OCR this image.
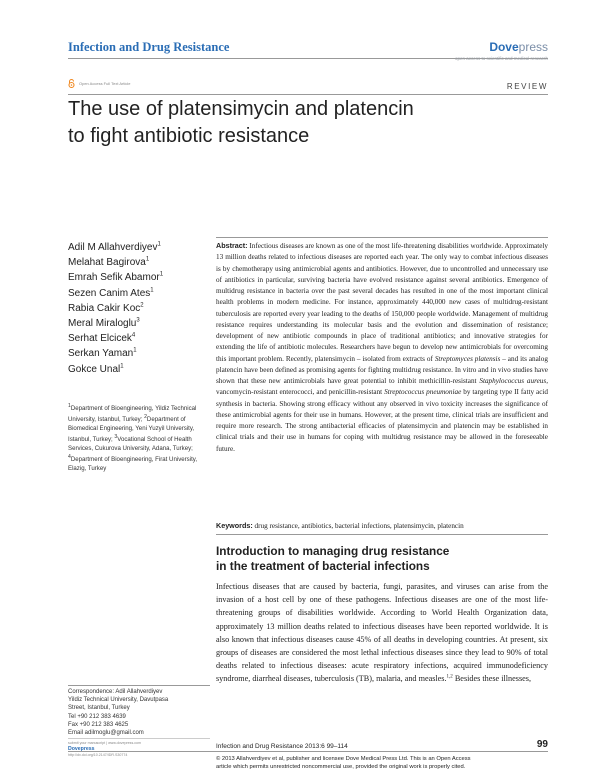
Infection and Drug Resistance	Dovepress
open access to scientific and medical research
Open Access Full Text Article	REVIEW
The use of platensimycin and platencin
to fight antibiotic resistance
Adil M Allahverdiyev$^1$
Melahat Bagirova$^1$
Emrah Sefik Abamor$^1$
Sezen Canim Ates$^1$
Rabia Cakir Koc$^2$
Meral Miraloglu$^3$
Serhat Elcicek$^4$
Serkan Yaman$^1$
Gokce Unal$^1$
$^1$Department of Bioengineering, Yildiz Technical University, Istanbul, Turkey; $^2$Department of Biomedical Engineering, Yeni Yuzyil University, Istanbul, Turkey; $^3$Vocational School of Health Services, Cukurova University, Adana, Turkey; $^4$Department of Bioengineering, Firat University, Elazig, Turkey
Abstract: Infectious diseases are known as one of the most life-threatening disabilities worldwide. Approximately 13 million deaths related to infectious diseases are reported each year. The only way to combat infectious diseases is by chemotherapy using antimicrobial agents and antibiotics. However, due to uncontrolled and unnecessary use of antibiotics in particular, surviving bacteria have evolved resistance against several antibiotics. Emergence of multidrug resistance in bacteria over the past several decades has resulted in one of the most important clinical health problems in modern medicine. For instance, approximately 440,000 new cases of multidrug-resistant tuberculosis are reported every year leading to the deaths of 150,000 people worldwide. Management of multidrug resistance requires understanding its molecular basis and the evolution and dissemination of resistance; development of new antibiotic compounds in place of traditional antibiotics; and innovative strategies for extending the life of antibiotic molecules. Researchers have begun to develop new antimicrobials for overcoming this important problem. Recently, platensimycin – isolated from extracts of Streptomyces platensis – and its analog platencin have been defined as promising agents for fighting multidrug resistance. In vitro and in vivo studies have shown that these new antimicrobials have great potential to inhibit methicillin-resistant Staphylococcus aureus, vancomycin-resistant enterococci, and penicillin-resistant Streptococcus pneumoniae by targeting type II fatty acid synthesis in bacteria. Showing strong efficacy without any observed in vivo toxicity increases the significance of these antimicrobial agents for their use in humans. However, at the present time, clinical trials are insufficient and require more research. The strong antibacterial efficacies of platensimycin and platencin may be established in clinical trials and their use in humans for coping with multidrug resistance may be allowed in the foreseeable future.
Keywords: drug resistance, antibiotics, bacterial infections, platensimycin, platencin
Introduction to managing drug resistance
in the treatment of bacterial infections
Infectious diseases that are caused by bacteria, fungi, parasites, and viruses can arise from the invasion of a host cell by one of these pathogens. Infectious diseases are one of the most life-threatening groups of disabilities worldwide. According to World Health Organization data, approximately 13 million deaths related to infectious diseases have been reported worldwide. It is also known that infectious diseases cause 45% of all deaths in developing countries. At present, six groups of diseases are considered the most lethal infectious diseases since they lead to 90% of total deaths related to infectious diseases: acute respiratory infections, acquired immunodeficiency syndrome, diarrheal diseases, tuberculosis (TB), malaria, and measles.$^{1,2}$ Besides these illnesses,
Correspondence: Adil Allahverdiyev
Yildiz Technical University, Davutpasa
Street, Istanbul, Turkey
Tel +90 212 383 4639
Fax +90 212 383 4625
Email adilmoglu@gmail.com
submit your manuscript | www.dovepress.com
Dovepress
http://dx.doi.org/10.2147/IDR.S30774
Infection and Drug Resistance 2013:6 99–114	99
© 2013 Allahverdiyev et al, publisher and licensee Dove Medical Press Ltd. This is an Open Access
article which permits unrestricted noncommercial use, provided the original work is properly cited.
